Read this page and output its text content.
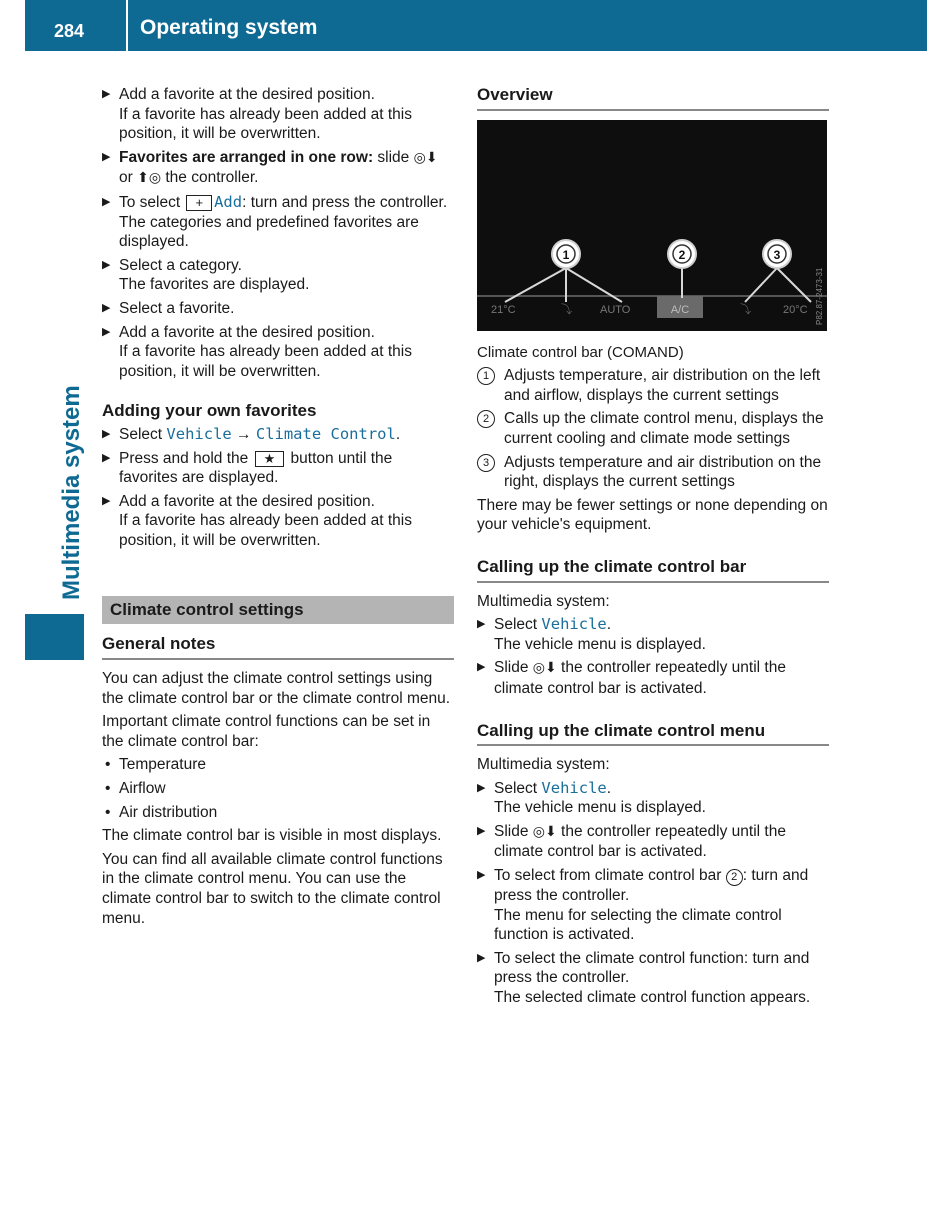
284	Operating system
Multimedia system
▶ Add a favorite at the desired position.
If a favorite has already been added at this position, it will be overwritten.
▶ Favorites are arranged in one row: slide ◎⬇ or ⬆◎ the controller.
▶ To select + Add: turn and press the controller.
The categories and predefined favorites are displayed.
▶ Select a category.
The favorites are displayed.
▶ Select a favorite.
▶ Add a favorite at the desired position.
If a favorite has already been added at this position, it will be overwritten.
Adding your own favorites
▶ Select Vehicle → Climate Control.
▶ Press and hold the ★ button until the favorites are displayed.
▶ Add a favorite at the desired position.
If a favorite has already been added at this position, it will be overwritten.
Climate control settings
General notes
You can adjust the climate control settings using the climate control bar or the climate control menu.
Important climate control functions can be set in the climate control bar:
• Temperature
• Airflow
• Air distribution
The climate control bar is visible in most displays.
You can find all available climate control functions in the climate control menu. You can use the climate control bar to switch to the climate control menu.
Overview
1	2	3
21°C	⤵	AUTO	A/C	⤵	20°C P82.87-2473-31
Climate control bar (COMAND)
1 Adjusts temperature, air distribution on the left and airflow, displays the current settings
2 Calls up the climate control menu, displays the current cooling and climate mode settings
3 Adjusts temperature and air distribution on the right, displays the current settings
There may be fewer settings or none depending on your vehicle's equipment.
Calling up the climate control bar
Multimedia system:
▶ Select Vehicle.
The vehicle menu is displayed.
▶ Slide ◎⬇ the controller repeatedly until the climate control bar is activated.
Calling up the climate control menu
Multimedia system:
▶ Select Vehicle.
The vehicle menu is displayed.
▶ Slide ◎⬇ the controller repeatedly until the climate control bar is activated.
▶ To select from climate control bar 2 : turn and press the controller.
The menu for selecting the climate control function is activated.
▶ To select the climate control function: turn and press the controller.
The selected climate control function appears.
